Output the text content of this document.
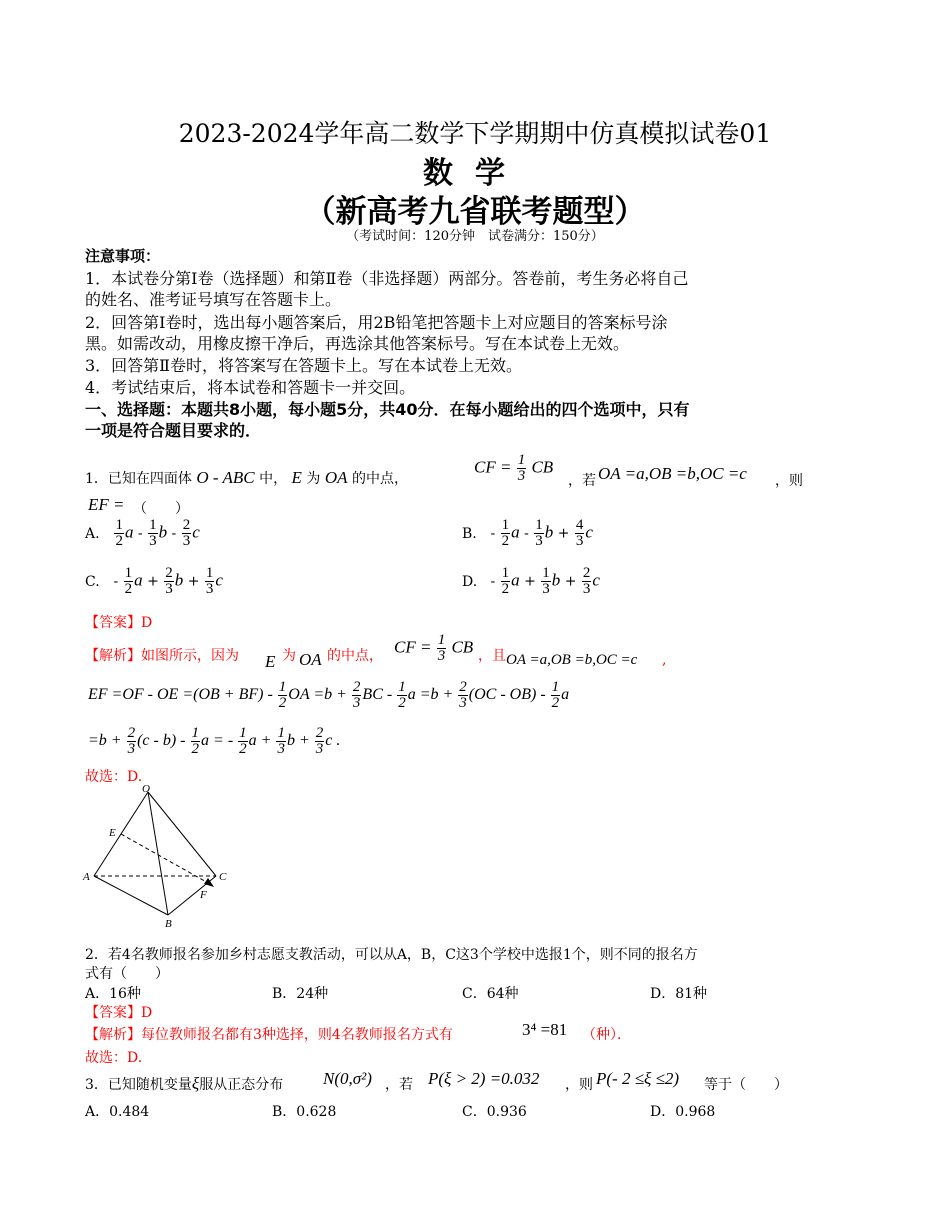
2023-2024学年高二数学下学期期中仿真模拟试卷01
数学
（新高考九省联考题型）
（考试时间：120分钟　试卷满分：150分）
注意事项：
1．本试卷分第Ⅰ卷（选择题）和第Ⅱ卷（非选择题）两部分。答卷前，考生务必将自己
的姓名、准考证号填写在答题卡上。
2．回答第Ⅰ卷时，选出每小题答案后，用2B铅笔把答题卡上对应题目的答案标号涂
黑。如需改动，用橡皮擦干净后，再选涂其他答案标号。写在本试卷上无效。
3．回答第Ⅱ卷时，将答案写在答题卡上。写在本试卷上无效。
4．考试结束后，将本试卷和答题卡一并交回。
一、选择题：本题共8小题，每小题5分，共40分．在每小题给出的四个选项中，只有
一项是符合题目要求的．
1．已知在四面体 O - ABC 中， E 为 OA 的中点，
CF = $\frac{1}{3}$ CB
，若 OA =a,OB =b,OC =c ，则
EF = （　　）
A. $\frac{1}{2}$ a - $\frac{1}{3}$ b - $\frac{2}{3}$ c	B. - $\frac{1}{2}$ a - $\frac{1}{3}$ $b + \frac{4}{3}$ c
C. - $\frac{1}{2}$ $a + \frac{2}{3}$ $b + \frac{1}{3}$ c	D. - $\frac{1}{2}$ $a + \frac{1}{3}$ $b + \frac{2}{3}$ c
【答案】D
【解析】如图所示，因为 E 为 OA 的中点， CF = $\frac{1}{3}$ CB ，且 OA =a,OB =b,OC =c ,
EF =OF - OE $=(OB + BF) - \frac{1}{2}$ OA $=b + \frac{2}{3}$ BC - $\frac{1}{2}$ $a =b + \frac{2}{3} (OC - OB) - \frac{1}{2}$ a
$=b + \frac{2}{3} (c - b) - \frac{1}{2}$ a = - $\frac{1}{2}$ $a + \frac{1}{3}$ $b + \frac{2}{3}$ c .
故选：D.
O
A
B
C
E
F
2．若4名教师报名参加乡村志愿支教活动，可以从A，B，C这3个学校中选报1个，则不同的报名方
式有（　　）
A．16种	B．24种	C．64种	D．81种
【答案】D
【解析】每位教师报名都有3种选择，则4名教师报名方式有	3⁴ =81 （种）．
故选：D.
3．已知随机变量ξ服从正态分布 N(0,σ²) ，若 P(ξ > 2) =0.032 ，则 P(- 2 ≤ξ ≤2) 等于（　　）
A．0.484	B．0.628	C．0.936	D．0.968
